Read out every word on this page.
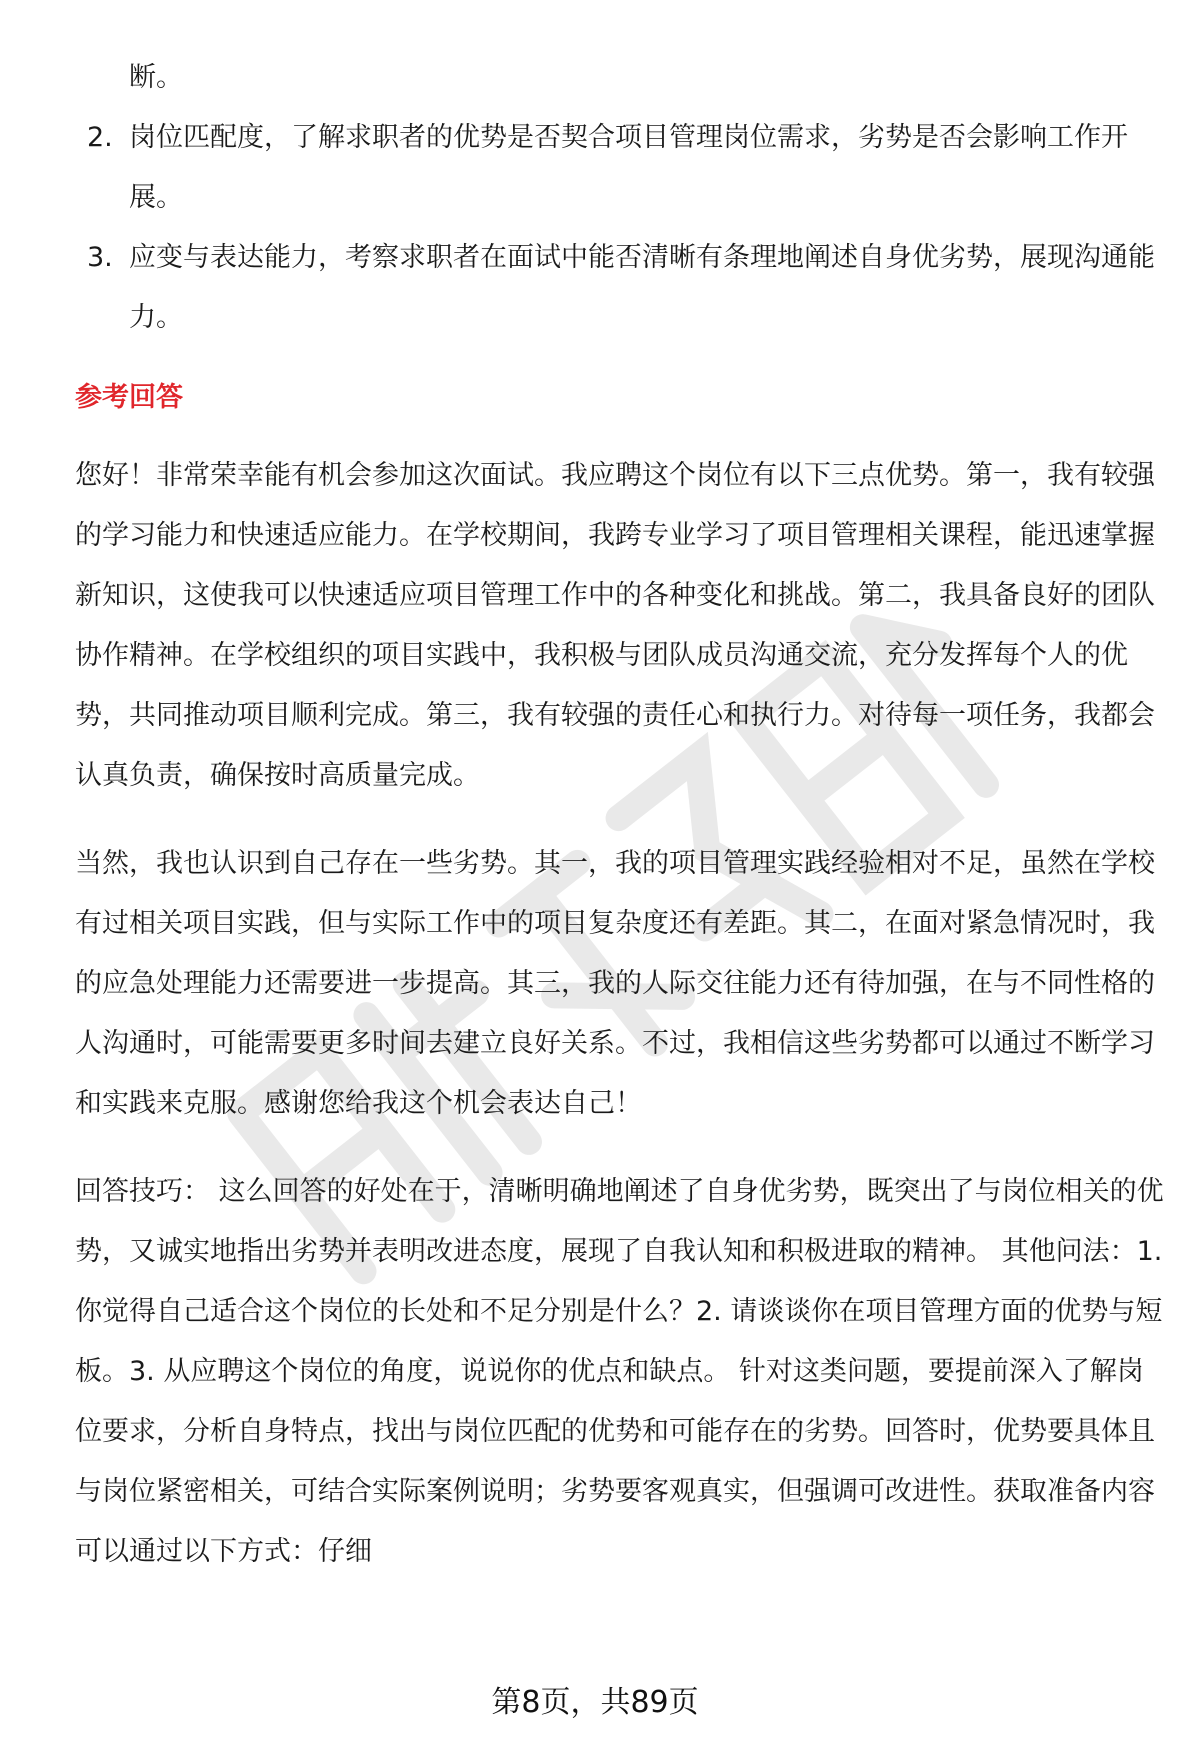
断。

2. 岗位匹配度，了解求职者的优势是否契合项目管理岗位需求，劣势是否会影响工作开展。
3. 应变与表达能力，考察求职者在面试中能否清晰有条理地阐述自身优劣势，展现沟通能力。
参考回答

您好！非常荣幸能有机会参加这次面试。我应聘这个岗位有以下三点优势。第一，我有较强的学习能力和快速适应能力。在学校期间，我跨专业学习了项目管理相关课程，能迅速掌握新知识，这使我可以快速适应项目管理工作中的各种变化和挑战。第二，我具备良好的团队协作精神。在学校组织的项目实践中，我积极与团队成员沟通交流，充分发挥每个人的优势，共同推动项目顺利完成。第三，我有较强的责任心和执行力。对待每一项任务，我都会认真负责，确保按时高质量完成。

当然，我也认识到自己存在一些劣势。其一，我的项目管理实践经验相对不足，虽然在学校有过相关项目实践，但与实际工作中的项目复杂度还有差距。其二，在面对紧急情况时，我的应急处理能力还需要进一步提高。其三，我的人际交往能力还有待加强，在与不同性格的人沟通时，可能需要更多时间去建立良好关系。不过，我相信这些劣势都可以通过不断学习和实践来克服。感谢您给我这个机会表达自己！

回答技巧： 这么回答的好处在于，清晰明确地阐述了自身优劣势，既突出了与岗位相关的优势，又诚实地指出劣势并表明改进态度，展现了自我认知和积极进取的精神。 其他问法：1. 你觉得自己适合这个岗位的长处和不足分别是什么？2. 请谈谈你在项目管理方面的优势与短板。3. 从应聘这个岗位的角度，说说你的优点和缺点。 针对这类问题，要提前深入了解岗位要求，分析自身特点，找出与岗位匹配的优势和可能存在的劣势。回答时，优势要具体且与岗位紧密相关，可结合实际案例说明；劣势要客观真实，但强调可改进性。获取准备内容可以通过以下方式：仔细

第8页，共89页
